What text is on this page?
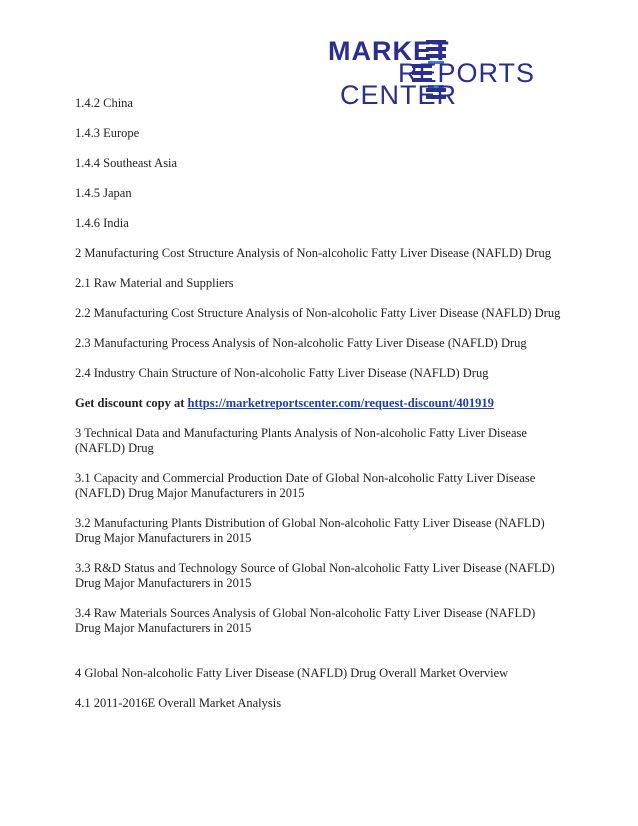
MARKET
REPORTS
CENTER

1.4.2 China

1.4.3 Europe

1.4.4 Southeast Asia

1.4.5 Japan

1.4.6 India

2 Manufacturing Cost Structure Analysis of Non-alcoholic Fatty Liver Disease (NAFLD) Drug

2.1 Raw Material and Suppliers

2.2 Manufacturing Cost Structure Analysis of Non-alcoholic Fatty Liver Disease (NAFLD) Drug

2.3 Manufacturing Process Analysis of Non-alcoholic Fatty Liver Disease (NAFLD) Drug

2.4 Industry Chain Structure of Non-alcoholic Fatty Liver Disease (NAFLD) Drug

Get discount copy at https://marketreportscenter.com/request-discount/401919

3 Technical Data and Manufacturing Plants Analysis of Non-alcoholic Fatty Liver Disease
(NAFLD) Drug

3.1 Capacity and Commercial Production Date of Global Non-alcoholic Fatty Liver Disease
(NAFLD) Drug Major Manufacturers in 2015

3.2 Manufacturing Plants Distribution of Global Non-alcoholic Fatty Liver Disease (NAFLD)
Drug Major Manufacturers in 2015

3.3 R&D Status and Technology Source of Global Non-alcoholic Fatty Liver Disease (NAFLD)
Drug Major Manufacturers in 2015

3.4 Raw Materials Sources Analysis of Global Non-alcoholic Fatty Liver Disease (NAFLD)
Drug Major Manufacturers in 2015

4 Global Non-alcoholic Fatty Liver Disease (NAFLD) Drug Overall Market Overview

4.1 2011-2016E Overall Market Analysis
